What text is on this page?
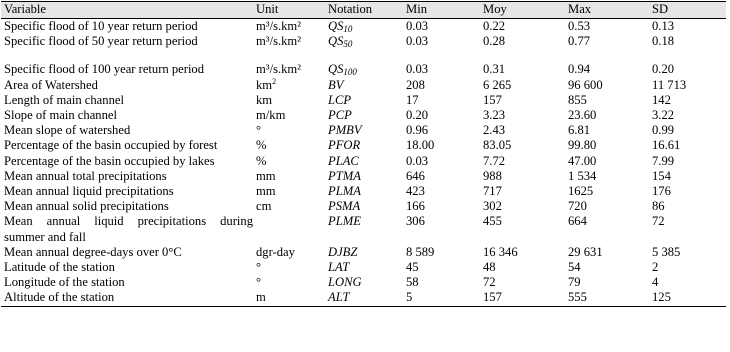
Variable	Unit	Notation	Min	Moy	Max	SD
Specific flood of 10 year return period	m³/s.km²	$QS_{10}$	0.03	0.22	0.53	0.13
Specific flood of 50 year return period	m³/s.km²	$QS_{50}$	0.03	0.28	0.77	0.18

Specific flood of 100 year return period	m³/s.km²	$QS_{100}$	0.03	0.31	0.94	0.20
Area of Watershed	$km^2$	BV	208	6 265	96 600	11 713
Length of main channel	km	LCP	17	157	855	142
Slope of main channel	m/km	PCP	0.20	3.23	23.60	3.22
Mean slope of watershed	°	PMBV	0.96	2.43	6.81	0.99
Percentage of the basin occupied by forest	%	PFOR	18.00	83.05	99.80	16.61
Percentage of the basin occupied by lakes	%	PLAC	0.03	7.72	47.00	7.99
Mean annual total precipitations	mm	PTMA	646	988	1 534	154
Mean annual liquid precipitations	mm	PLMA	423	717	1625	176
Mean annual solid precipitations	cm	PSMA	166	302	720	86
Mean annual liquid precipitations during summer and fall		PLME	306	455	664	72
Mean annual degree-days over 0°C	dgr-day	DJBZ	8 589	16 346	29 631	5 385
Latitude of the station	°	LAT	45	48	54	2
Longitude of the station	°	LONG	58	72	79	4
Altitude of the station	m	ALT	5	157	555	125
